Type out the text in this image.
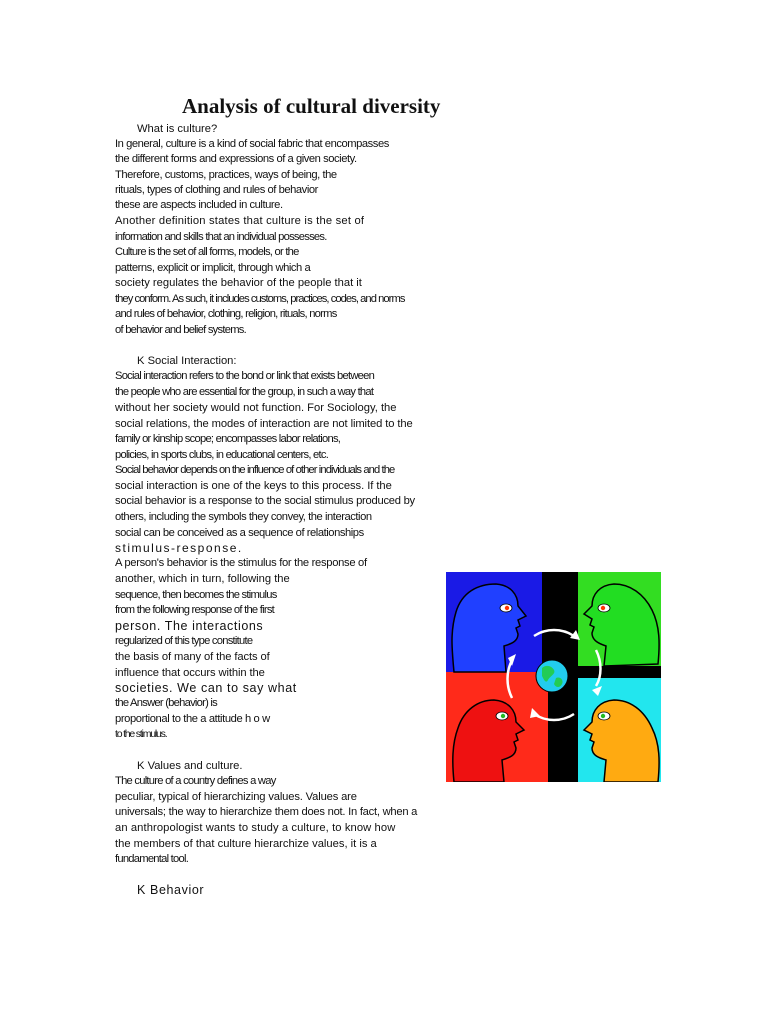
Analysis of cultural diversity
What is culture?
In general, culture is a kind of social fabric that encompasses
the different forms and expressions of a given society.
Therefore, customs, practices, ways of being, the
rituals, types of clothing and rules of behavior
these are aspects included in culture.
Another definition states that culture is the set of
information and skills that an individual possesses.
Culture is the set of all forms, models, or the
patterns, explicit or implicit, through which a
society regulates the behavior of the people that it
they conform. As such, it includes customs, practices, codes, and norms
and rules of behavior, clothing, religion, rituals, norms
of behavior and belief systems.
K Social Interaction:
Social interaction refers to the bond or link that exists between
the people who are essential for the group, in such a way that
without her society would not function. For Sociology, the
social relations, the modes of interaction are not limited to the
family or kinship scope; encompasses labor relations,
policies, in sports clubs, in educational centers, etc.
Social behavior depends on the influence of other individuals and the
social interaction is one of the keys to this process. If the
social behavior is a response to the social stimulus produced by
others, including the symbols they convey, the interaction
social can be conceived as a sequence of relationships
stimulus-response.
A person's behavior is the stimulus for the response of
another, which in turn, following the
sequence, then becomes the stimulus
from the following response of the first
person. The interactions
regularized of this type constitute
the basis of many of the facts of
influence that occurs within the
societies. We can to say what
the Answer (behavior) is
proportional to the a attitude h o w
to the stimulus.
K Values and culture.
The culture of a country defines a way
peculiar, typical of hierarchizing values. Values are
universals; the way to hierarchize them does not. In fact, when a
an anthropologist wants to study a culture, to know how
the members of that culture hierarchize values, it is a
fundamental tool.
K Behavior
